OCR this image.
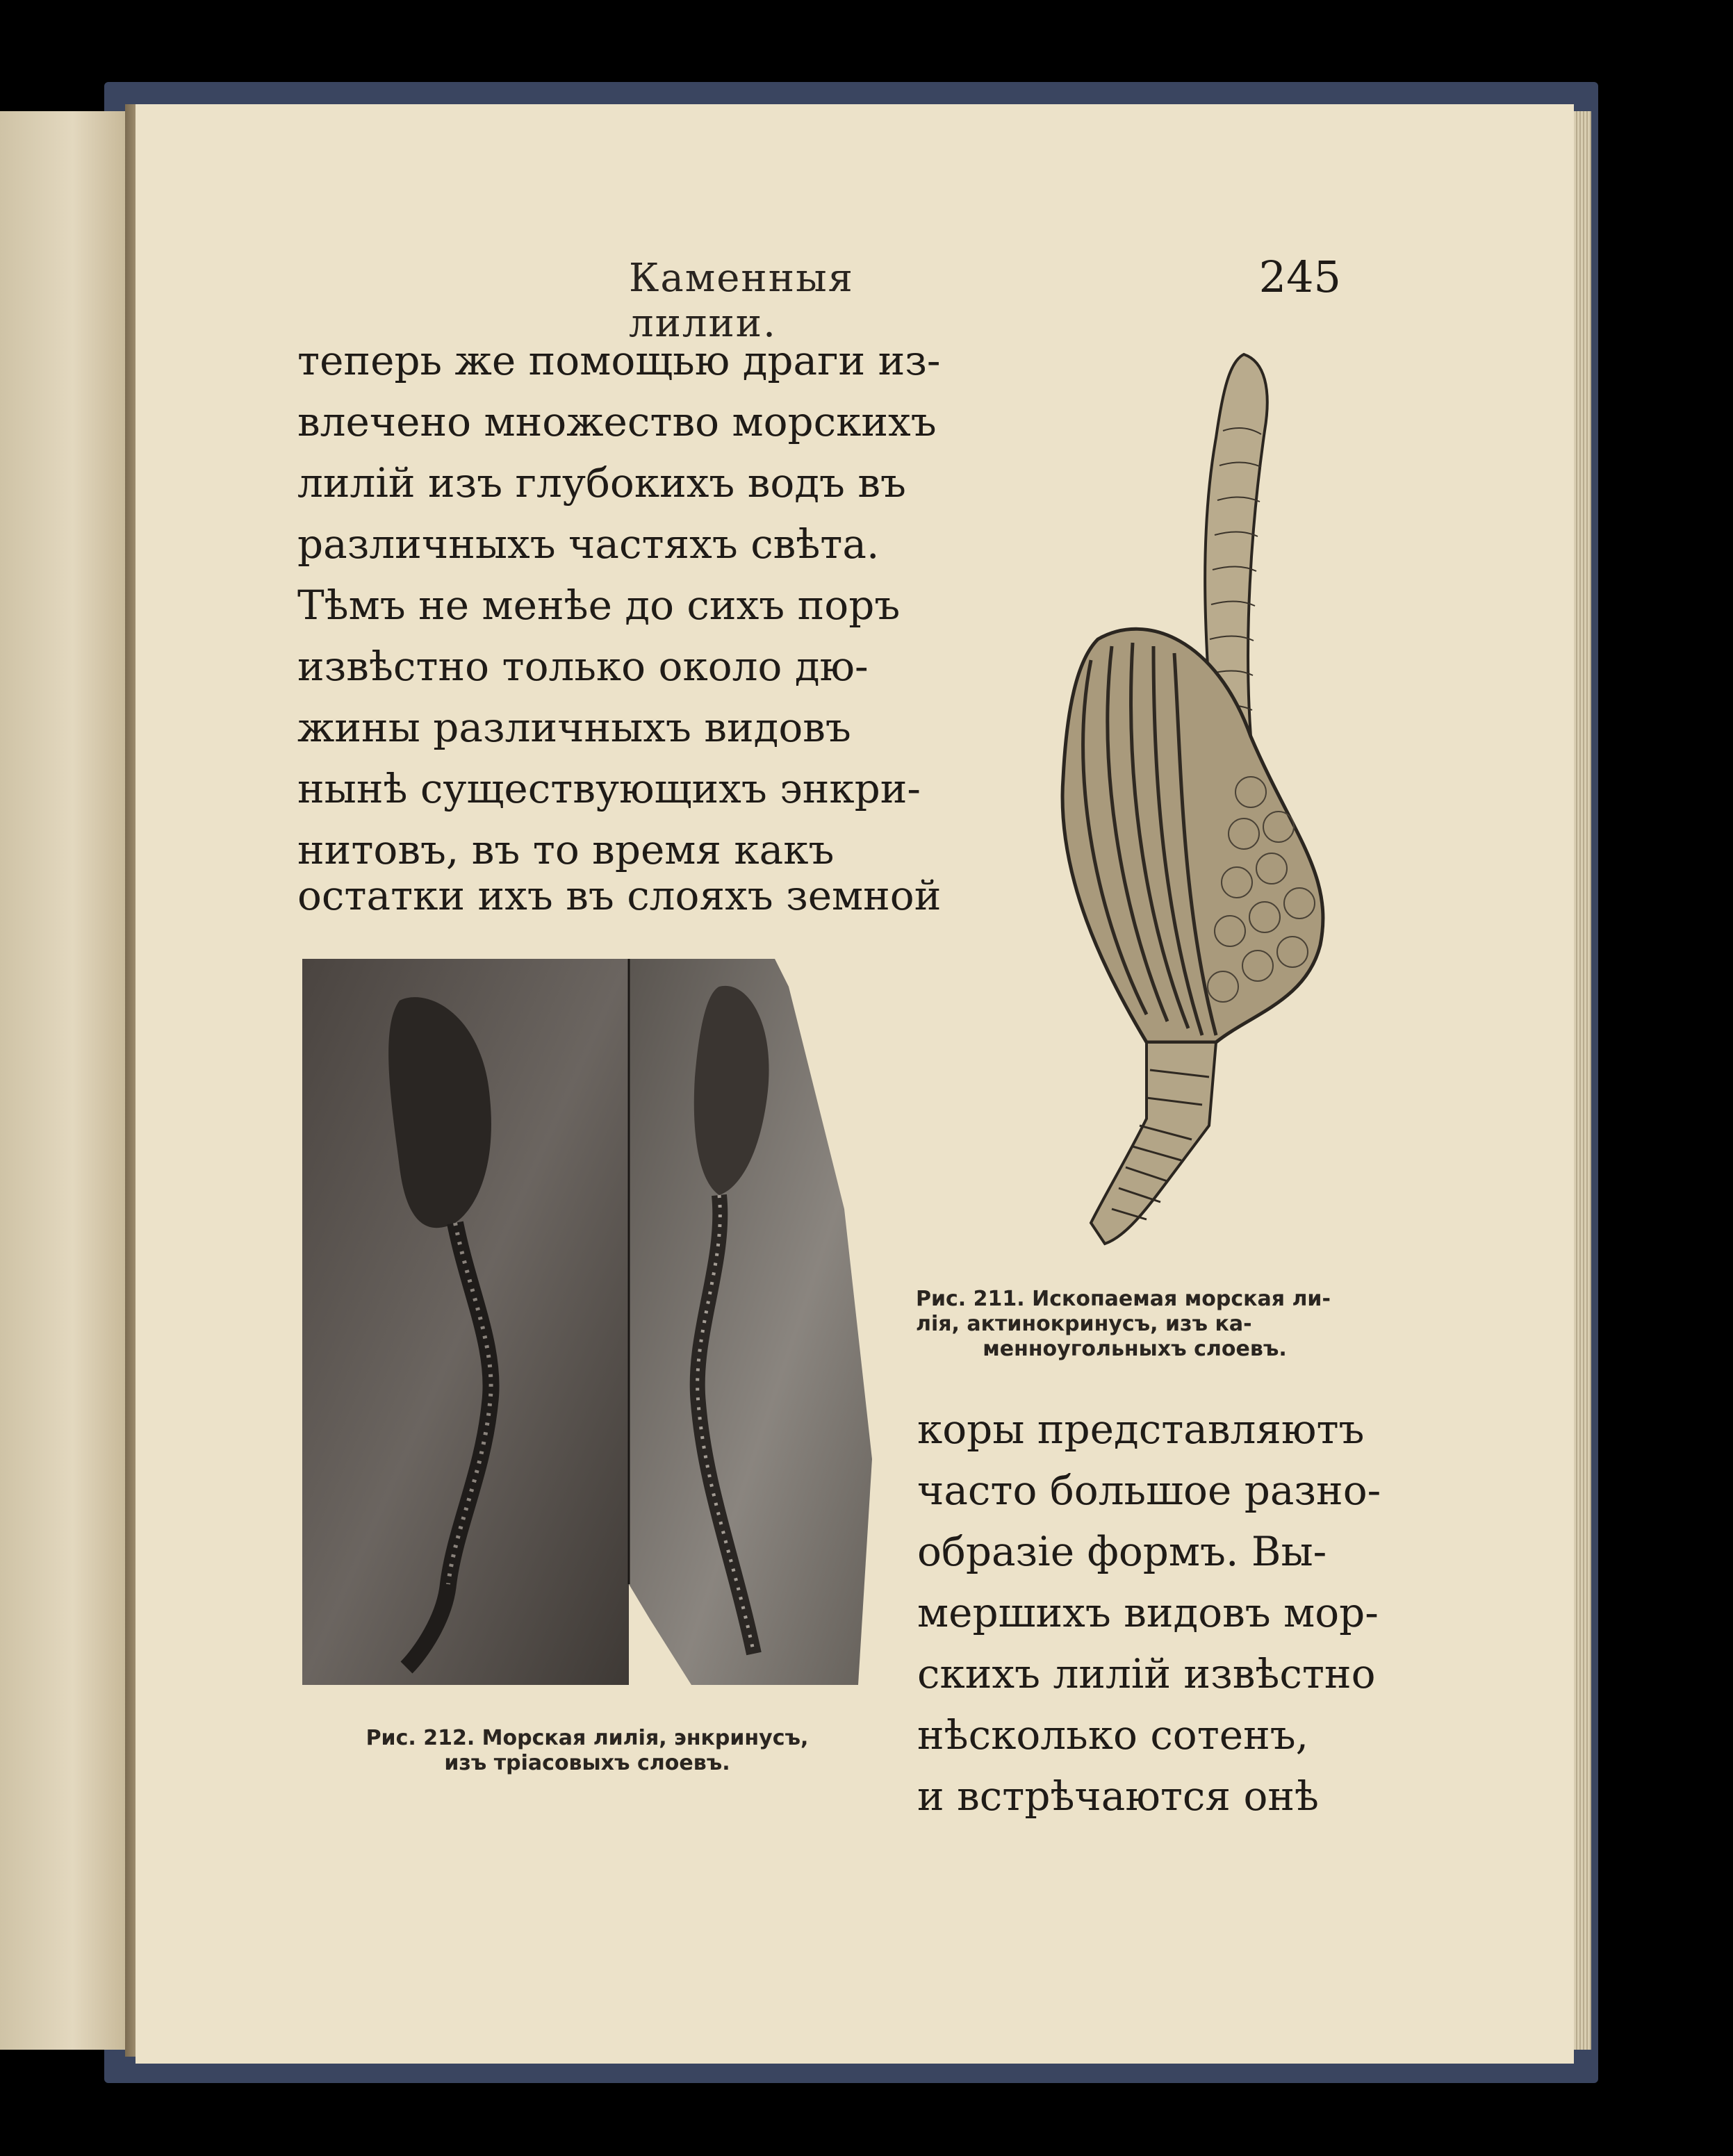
Каменныя лилии.
245
теперь же помощью драги из-
влечено множество морскихъ
лилій изъ глубокихъ водъ въ
различныхъ частяхъ свѣта.
Тѣмъ не менѣе до сихъ поръ
извѣстно только около дю-
жины различныхъ видовъ
нынѣ существующихъ энкри-
нитовъ, въ то время какъ
остатки ихъ въ слояхъ земной
Рис. 211. Ископаемая морская ли-
лія, актинокринусъ, изъ ка-
менноугольныхъ слоевъ.
Рис. 212. Морская лилія, энкринусъ,
изъ тріасовыхъ слоевъ.
коры представляютъ
часто большое разно-
образіе формъ. Вы-
мершихъ видовъ мор-
скихъ лилій извѣстно
нѣсколько сотенъ,
и встрѣчаются онѣ
